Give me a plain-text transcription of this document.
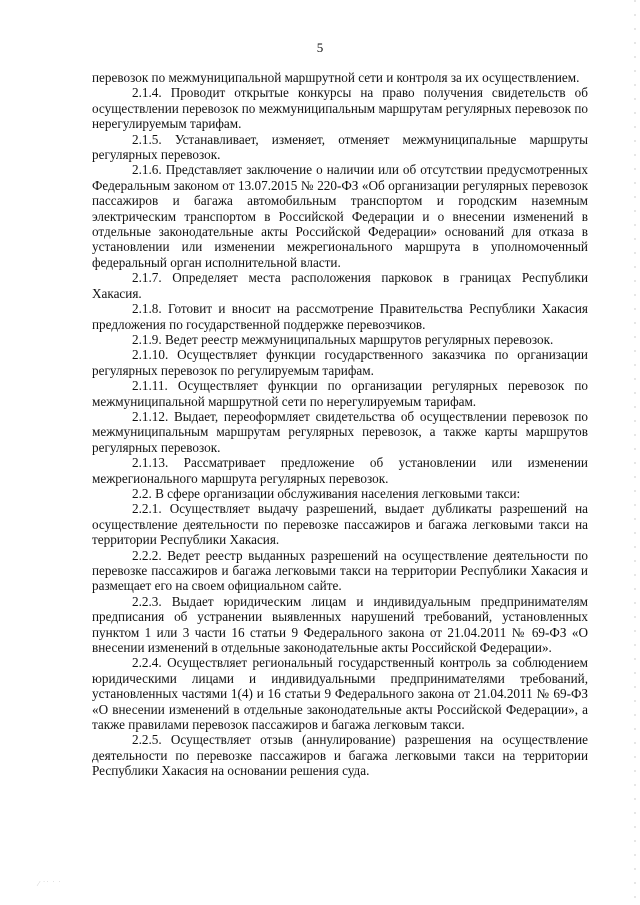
5

перевозок по межмуниципальной маршрутной сети и контроля за их осуществлением.

2.1.4. Проводит открытые конкурсы на право получения свидетельств об осуществлении перевозок по межмуниципальным маршрутам регулярных перевозок по нерегулируемым тарифам.

2.1.5. Устанавливает, изменяет, отменяет межмуниципальные маршруты регулярных перевозок.

2.1.6. Представляет заключение о наличии или об отсутствии предусмотренных Федеральным законом от 13.07.2015 № 220-ФЗ «Об организации регулярных перевозок пассажиров и багажа автомобильным транспортом и городским наземным электрическим транспортом в Российской Федерации и о внесении изменений в отдельные законодательные акты Российской Федерации» оснований для отказа в установлении или изменении межрегионального маршрута в уполномоченный федеральный орган исполнительной власти.

2.1.7. Определяет места расположения парковок в границах Республики Хакасия.

2.1.8. Готовит и вносит на рассмотрение Правительства Республики Хакасия предложения по государственной поддержке перевозчиков.

2.1.9. Ведет реестр межмуниципальных маршрутов регулярных перевозок.

2.1.10. Осуществляет функции государственного заказчика по организации регулярных перевозок по регулируемым тарифам.

2.1.11. Осуществляет функции по организации регулярных перевозок по межмуниципальной маршрутной сети по нерегулируемым тарифам.

2.1.12. Выдает, переоформляет свидетельства об осуществлении перевозок по межмуниципальным маршрутам регулярных перевозок, а также карты маршрутов регулярных перевозок.

2.1.13. Рассматривает предложение об установлении или изменении межрегионального маршрута регулярных перевозок.

2.2. В сфере организации обслуживания населения легковыми такси:

2.2.1. Осуществляет выдачу разрешений, выдает дубликаты разрешений на осуществление деятельности по перевозке пассажиров и багажа легковыми такси на территории Республики Хакасия.

2.2.2. Ведет реестр выданных разрешений на осуществление деятельности по перевозке пассажиров и багажа легковыми такси на территории Республики Хакасия и размещает его на своем официальном сайте.

2.2.3. Выдает юридическим лицам и индивидуальным предпринимателям предписания об устранении выявленных нарушений требований, установленных пунктом 1 или 3 части 16 статьи 9 Федерального закона от 21.04.2011 № 69-ФЗ «О внесении изменений в отдельные законодательные акты Российской Федерации».

2.2.4. Осуществляет региональный государственный контроль за соблюдением юридическими лицами и индивидуальными предпринимателями требований, установленных частями 1(4) и 16 статьи 9 Федерального закона от 21.04.2011 № 69-ФЗ «О внесении изменений в отдельные законодательные акты Российской Федерации», а также правилами перевозок пассажиров и багажа легковым такси.

2.2.5. Осуществляет отзыв (аннулирование) разрешения на осуществление деятельности по перевозке пассажиров и багажа легковыми такси на территории Республики Хакасия на основании решения суда.

⁄ ˙˙ ˙ ˙
